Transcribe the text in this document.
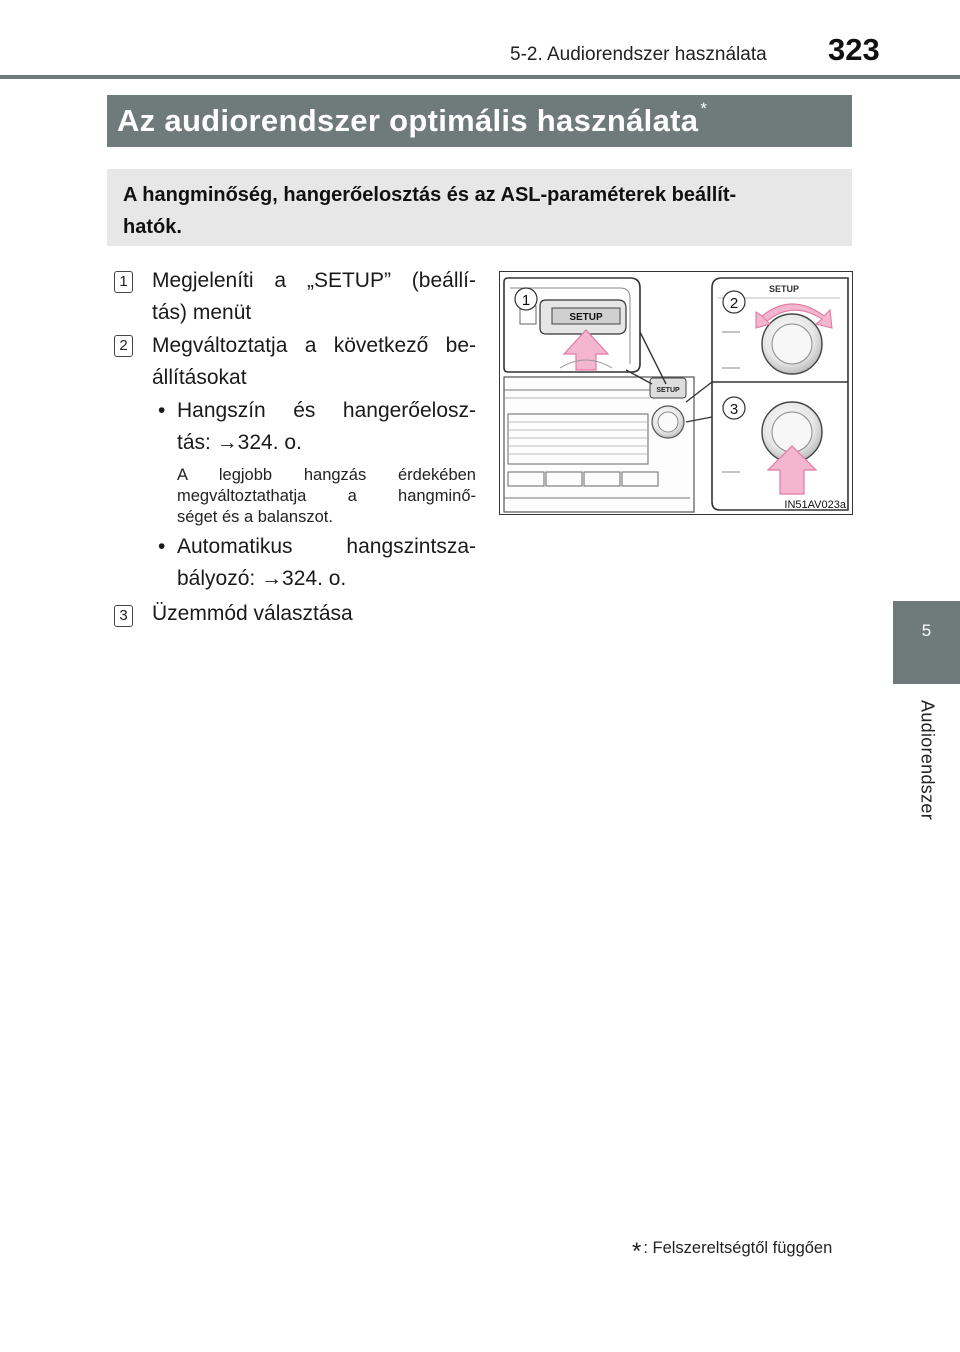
5-2. Audiorendszer használata 323
Az audiorendszer optimális használata *
A hangminőség, hangerőelosztás és az ASL-paraméterek beállít-
hatók.
1 Megjeleníti a „SETUP” (beállí-
tás) menüt
2 Megváltoztatja a következő be-
állításokat
• Hangszín és hangerőelosz-
tás: →324. o.
A legjobb hangzás érdekében
megváltoztathatja a hangminő-
séget és a balanszot.
• Automatikus hangszintsza-
bályozó: →324. o.
3 Üzemmód választása
SETUP
SETUP
SETUP
1	2
3
IN51AV023a
5
Audiorendszer
* : Felszereltségtől függően
